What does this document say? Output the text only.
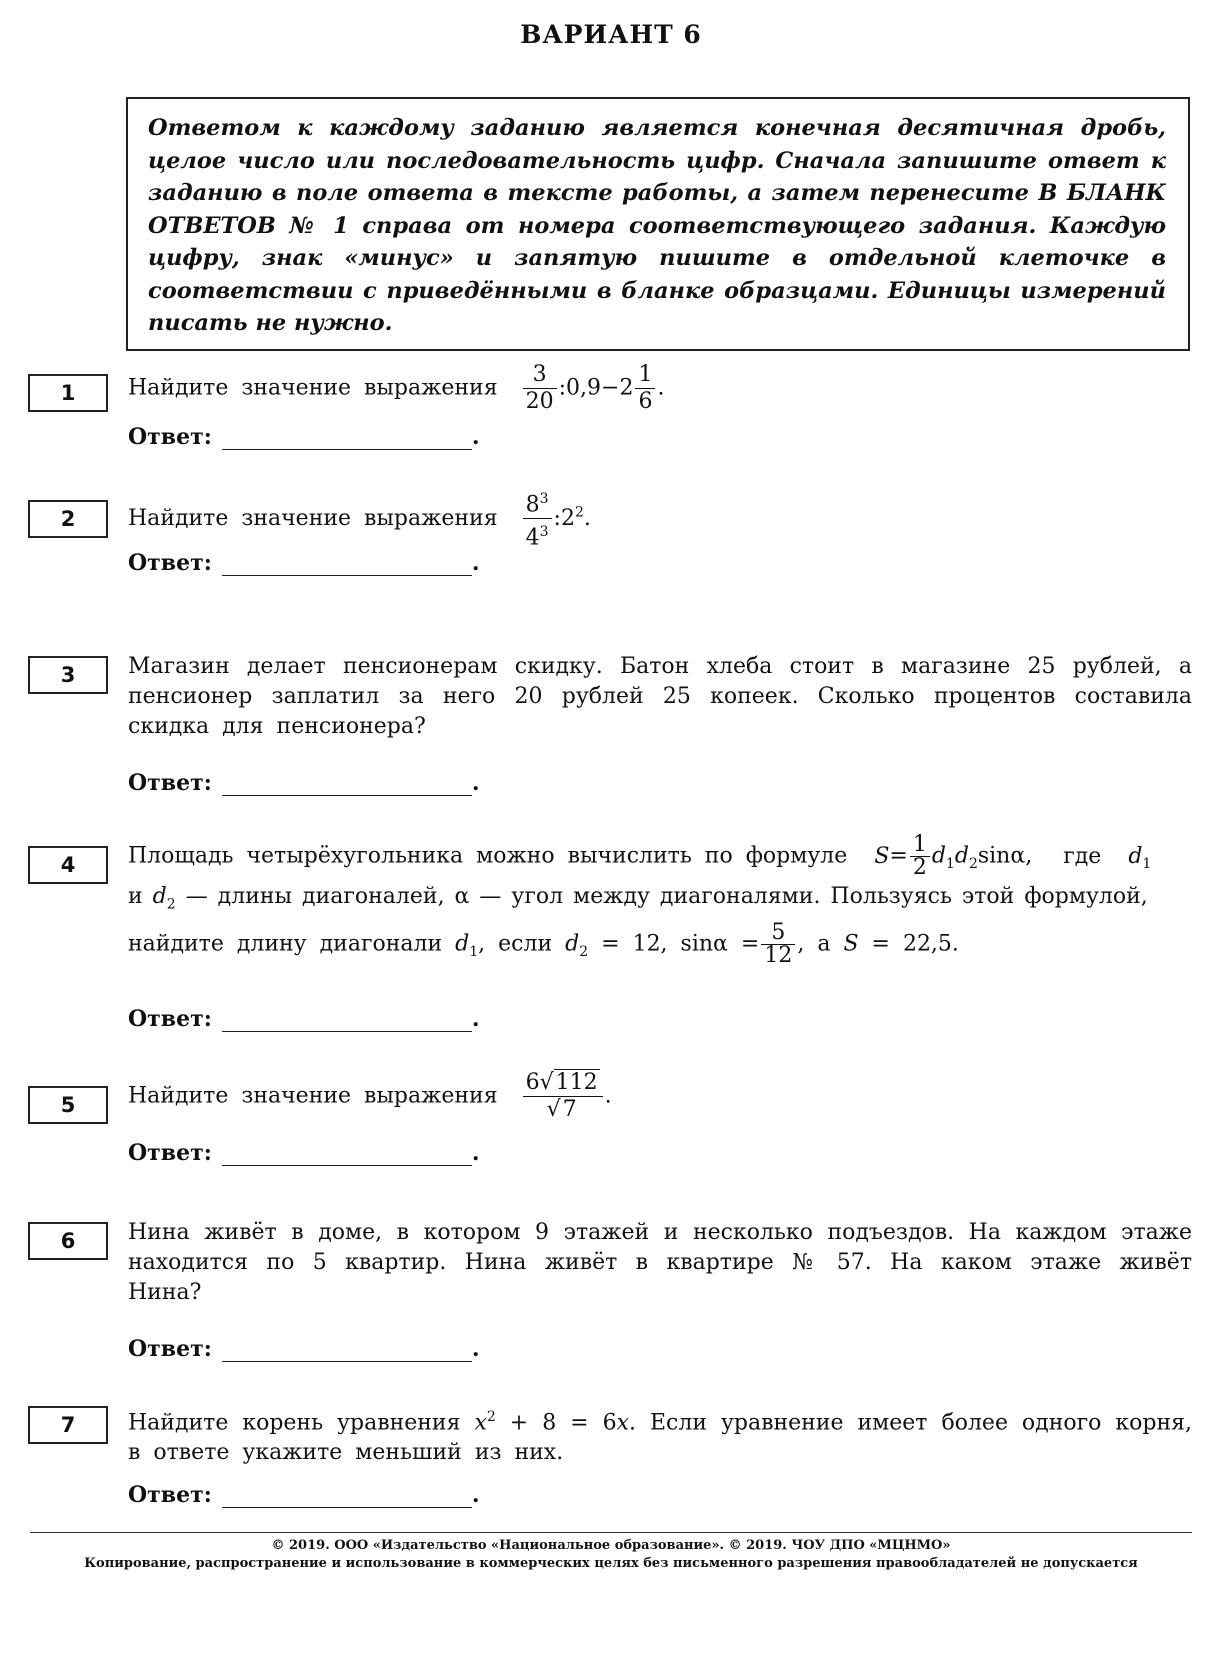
ВАРИАНТ 6
Ответом к каждому заданию является конечная десятичная дробь, целое число или последовательность цифр. Сначала запишите ответ к заданию в поле ответа в тексте работы, а затем перенесите В БЛАНК ОТВЕТОВ № 1 справа от номера соответствующего задания. Каждую цифру, знак «минус» и запятую пишите в отдельной клеточке в соответствии с приведёнными в бланке образцами. Единицы измерений писать не нужно.
1	Найдите значение выражения $\frac{3}{20}$ :0,9−2 $\frac{1}{6}$ .
Ответ:	.
2	Найдите значение выражения $\frac{8^3}{4^3}$ $:2^2$.
Ответ:	.
3	Магазин делает пенсионерам скидку. Батон хлеба стоит в магазине 25 рублей, а пенсионер заплатил за него 20 рублей 25 копеек. Сколько процентов составила скидка для пенсионера?
Ответ:	.
4	Площадь четырёхугольника можно вычислить по формуле $S= \frac{1}{2} d_1d_2\sin\alpha$, где $d_1$
и $d_2$ — длины диагоналей, α — угол между диагоналями. Пользуясь этой формулой,
найдите длину диагонали $d_1$, если $d_2 = 12$, $\sin\alpha = \frac{5}{12}$ , а S = 22,5.
Ответ:	.
5	Найдите значение выражения $\frac{6√112}{√7}$ .
Ответ:	.
6	Нина живёт в доме, в котором 9 этажей и несколько подъездов. На каждом этаже находится по 5 квартир. Нина живёт в квартире № 57. На каком этаже живёт Нина?
Ответ:	.
7	Найдите корень уравнения $x^2 + 8 = 6x$. Если уравнение имеет более одного корня, в ответе укажите меньший из них.
Ответ:	.
© 2019. ООО «Издательство «Национальное образование». © 2019. ЧОУ ДПО «МЦНМО»
Копирование, распространение и использование в коммерческих целях без письменного разрешения правообладателей не допускается
